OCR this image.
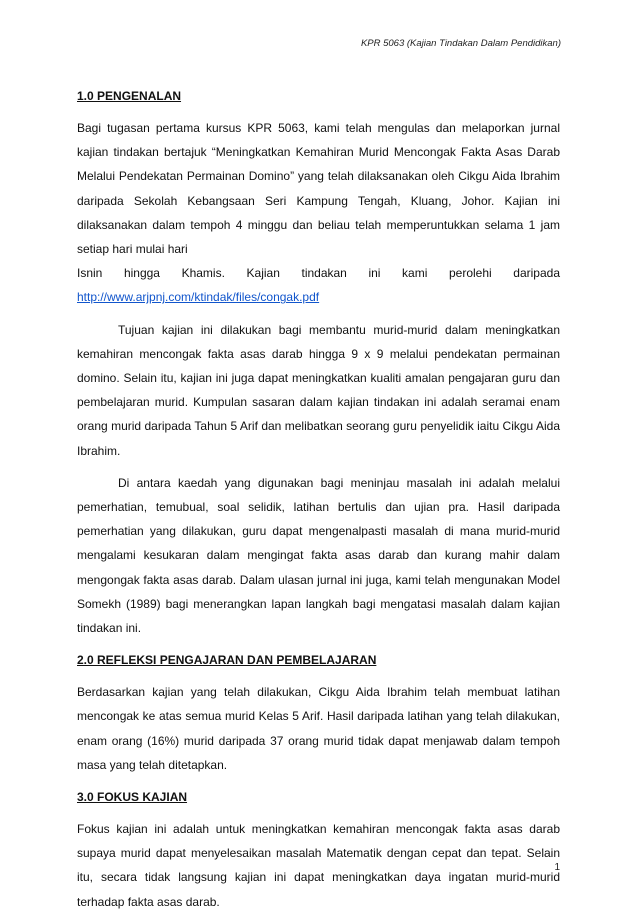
KPR 5063 (Kajian Tindakan Dalam Pendidikan)
1.0 PENGENALAN
Bagi tugasan pertama kursus KPR 5063, kami telah mengulas dan melaporkan jurnal kajian tindakan bertajuk “Meningkatkan Kemahiran Murid Mencongak Fakta Asas Darab Melalui Pendekatan Permainan Domino” yang telah dilaksanakan oleh Cikgu Aida Ibrahim daripada Sekolah Kebangsaan Seri Kampung Tengah, Kluang, Johor. Kajian ini dilaksanakan dalam tempoh 4 minggu dan beliau telah memperuntukkan selama 1 jam setiap hari mulai hari
Isnin hingga Khamis. Kajian tindakan ini kami perolehi daripada
http://www.arjpnj.com/ktindak/files/congak.pdf
Tujuan kajian ini dilakukan bagi membantu murid-murid dalam meningkatkan kemahiran mencongak fakta asas darab hingga 9 x 9 melalui pendekatan permainan domino. Selain itu, kajian ini juga dapat meningkatkan kualiti amalan pengajaran guru dan pembelajaran murid. Kumpulan sasaran dalam kajian tindakan ini adalah seramai enam orang murid daripada Tahun 5 Arif dan melibatkan seorang guru penyelidik iaitu Cikgu Aida Ibrahim.
Di antara kaedah yang digunakan bagi meninjau masalah ini adalah melalui pemerhatian, temubual, soal selidik, latihan bertulis dan ujian pra. Hasil daripada pemerhatian yang dilakukan, guru dapat mengenalpasti masalah di mana murid-murid mengalami kesukaran dalam mengingat fakta asas darab dan kurang mahir dalam mengongak fakta asas darab. Dalam ulasan jurnal ini juga, kami telah mengunakan Model Somekh (1989) bagi menerangkan lapan langkah bagi mengatasi masalah dalam kajian tindakan ini.
2.0 REFLEKSI PENGAJARAN DAN PEMBELAJARAN
Berdasarkan kajian yang telah dilakukan, Cikgu Aida Ibrahim telah membuat latihan mencongak ke atas semua murid Kelas 5 Arif. Hasil daripada latihan yang telah dilakukan, enam orang (16%) murid daripada 37 orang murid tidak dapat menjawab dalam tempoh masa yang telah ditetapkan.
3.0 FOKUS KAJIAN
Fokus kajian ini adalah untuk meningkatkan kemahiran mencongak fakta asas darab supaya murid dapat menyelesaikan masalah Matematik dengan cepat dan tepat. Selain itu, secara tidak langsung kajian ini dapat meningkatkan daya ingatan murid-murid terhadap fakta asas darab.
1
